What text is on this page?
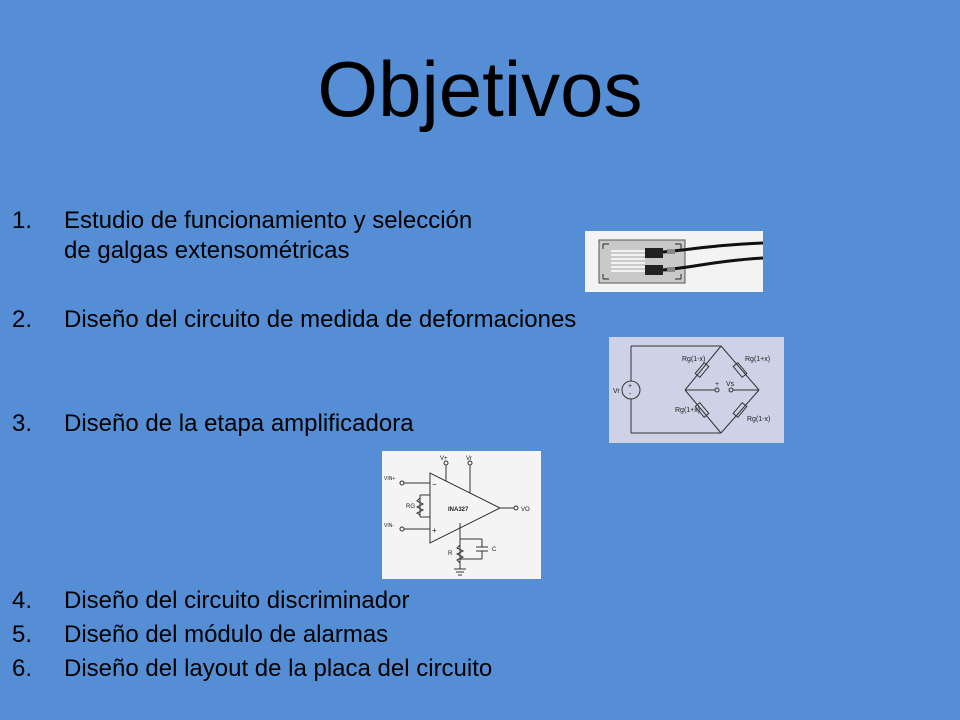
Objetivos
1. Estudio de funcionamiento y selección
de galgas extensométricas
2. Diseño del circuito de medida de deformaciones
3. Diseño de la etapa amplificadora
4. Diseño del circuito discriminador
5. Diseño del módulo de alarmas
6. Diseño del layout de la placa del circuito
+
-
Vr
Rg(1-x)	Rg(1+x)
Rg(1+x)
Rg(1-x)
+ Vs
−
+
V+	Vr
VIN+
VIN-
RG	INA327	VO
R
C
